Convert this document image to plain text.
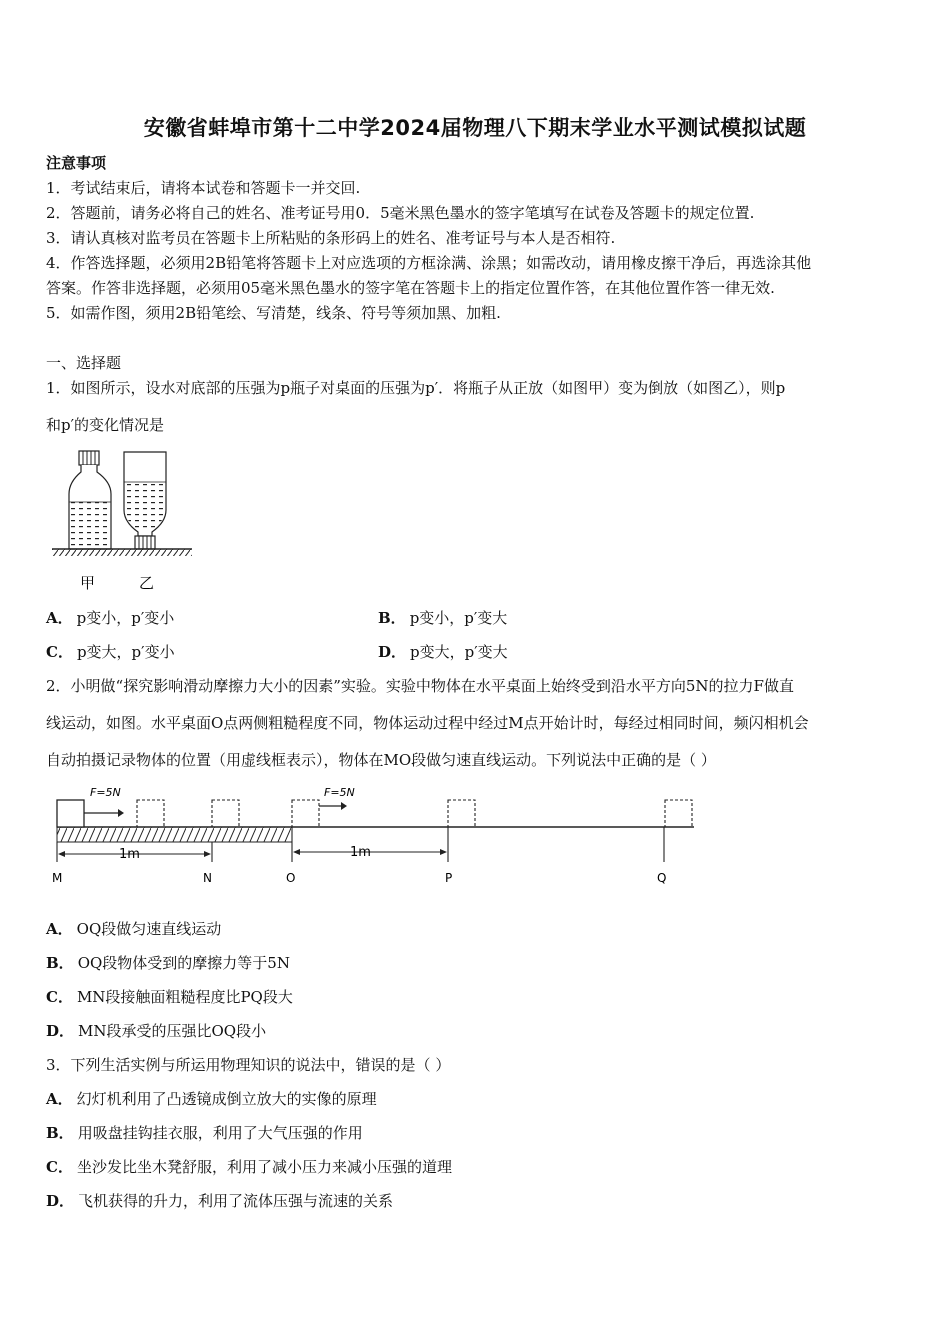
安徽省蚌埠市第十二中学2024届物理八下期末学业水平测试模拟试题
注意事项
1．考试结束后，请将本试卷和答题卡一并交回.
2．答题前，请务必将自己的姓名、准考证号用0．5毫米黑色墨水的签字笔填写在试卷及答题卡的规定位置.
3．请认真核对监考员在答题卡上所粘贴的条形码上的姓名、准考证号与本人是否相符.
4．作答选择题，必须用2B铅笔将答题卡上对应选项的方框涂满、涂黑；如需改动，请用橡皮擦干净后，再选涂其他
答案。作答非选择题，必须用05毫米黑色墨水的签字笔在答题卡上的指定位置作答，在其他位置作答一律无效.
5．如需作图，须用2B铅笔绘、写清楚，线条、符号等须加黑、加粗.
一、选择题
1．如图所示，设水对底部的压强为p瓶子对桌面的压强为p′．将瓶子从正放（如图甲）变为倒放（如图乙），则p
和p′的变化情况是
甲	乙
A． p变小，p′变小	B． p变小，p′变大
C． p变大，p′变小	D． p变大，p′变大
2．小明做“探究影响滑动摩擦力大小的因素”实验。实验中物体在水平桌面上始终受到沿水平方向5N的拉力F做直
线运动，如图。水平桌面O点两侧粗糙程度不同，物体运动过程中经过M点开始计时，每经过相同时间，频闪相机会
自动拍摄记录物体的位置（用虚线框表示），物体在MO段做匀速直线运动。下列说法中正确的是（ ）
F=5N	F=5N
1m	1m
M	N	O	P	Q
A． OQ段做匀速直线运动
B． OQ段物体受到的摩擦力等于5N
C． MN段接触面粗糙程度比PQ段大
D． MN段承受的压强比OQ段小
3．下列生活实例与所运用物理知识的说法中，错误的是（ ）
A． 幻灯机利用了凸透镜成倒立放大的实像的原理
B． 用吸盘挂钩挂衣服，利用了大气压强的作用
C． 坐沙发比坐木凳舒服，利用了减小压力来减小压强的道理
D． 飞机获得的升力，利用了流体压强与流速的关系
